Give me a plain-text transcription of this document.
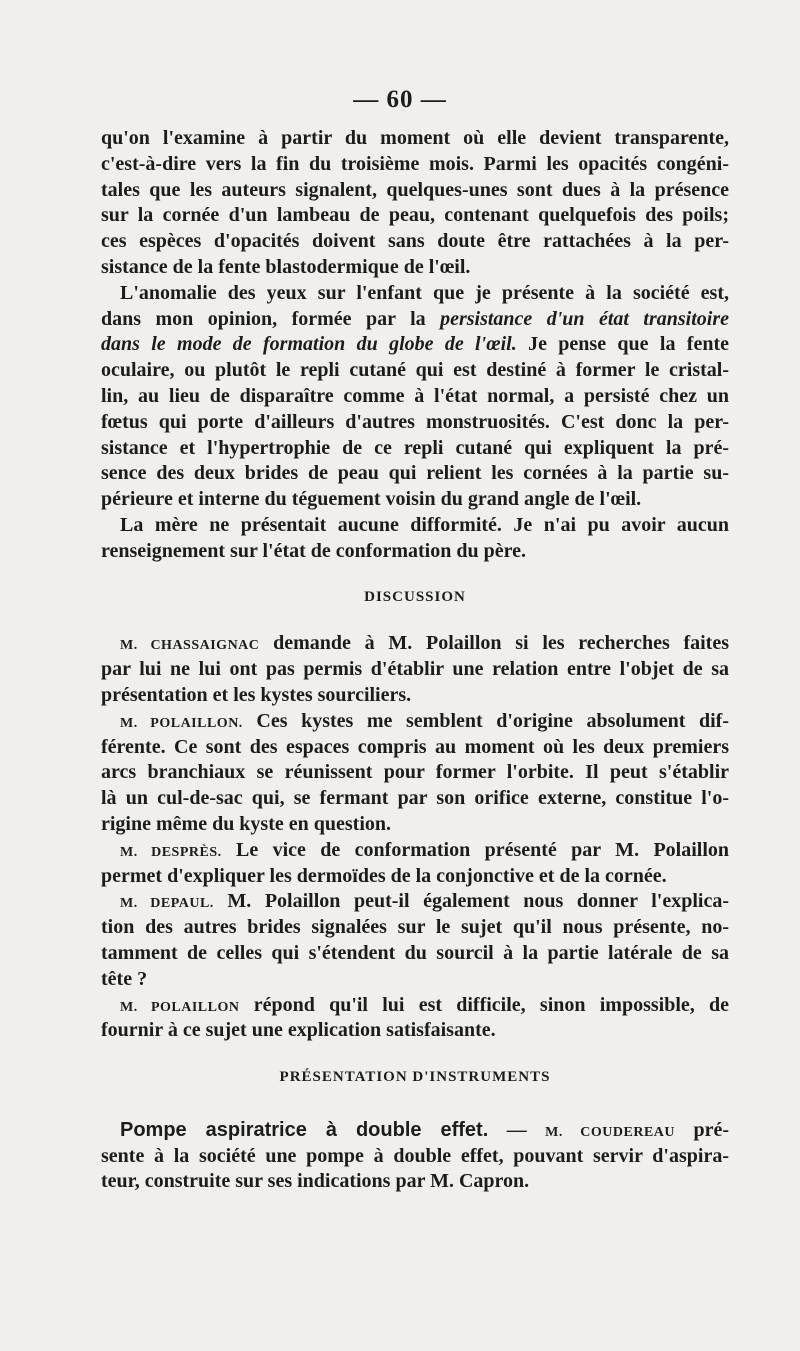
— 60 —
qu'on l'examine à partir du moment où elle devient transparente,
c'est-à-dire vers la fin du troisième mois. Parmi les opacités congéni-
tales que les auteurs signalent, quelques-unes sont dues à la présence
sur la cornée d'un lambeau de peau, contenant quelquefois des poils;
ces espèces d'opacités doivent sans doute être rattachées à la per-
sistance de la fente blastodermique de l'œil.
L'anomalie des yeux sur l'enfant que je présente à la société est,
dans mon opinion, formée par la persistance d'un état transitoire
dans le mode de formation du globe de l'œil. Je pense que la fente
oculaire, ou plutôt le repli cutané qui est destiné à former le cristal-
lin, au lieu de disparaître comme à l'état normal, a persisté chez un
fœtus qui porte d'ailleurs d'autres monstruosités. C'est donc la per-
sistance et l'hypertrophie de ce repli cutané qui expliquent la pré-
sence des deux brides de peau qui relient les cornées à la partie su-
périeure et interne du téguement voisin du grand angle de l'œil.
La mère ne présentait aucune difformité. Je n'ai pu avoir aucun
renseignement sur l'état de conformation du père.
DISCUSSION
M. CHASSAIGNAC demande à M. Polaillon si les recherches faites
par lui ne lui ont pas permis d'établir une relation entre l'objet de sa
présentation et les kystes sourciliers.
M. POLAILLON. Ces kystes me semblent d'origine absolument dif-
férente. Ce sont des espaces compris au moment où les deux premiers
arcs branchiaux se réunissent pour former l'orbite. Il peut s'établir
là un cul-de-sac qui, se fermant par son orifice externe, constitue l'o-
rigine même du kyste en question.
M. DESPRÈS. Le vice de conformation présenté par M. Polaillon
permet d'expliquer les dermoïdes de la conjonctive et de la cornée.
M. DEPAUL. M. Polaillon peut-il également nous donner l'explica-
tion des autres brides signalées sur le sujet qu'il nous présente, no-
tamment de celles qui s'étendent du sourcil à la partie latérale de sa
tête ?
M. POLAILLON répond qu'il lui est difficile, sinon impossible, de
fournir à ce sujet une explication satisfaisante.
PRÉSENTATION D'INSTRUMENTS
Pompe aspiratrice à double effet. — M. COUDEREAU pré-
sente à la société une pompe à double effet, pouvant servir d'aspira-
teur, construite sur ses indications par M. Capron.
